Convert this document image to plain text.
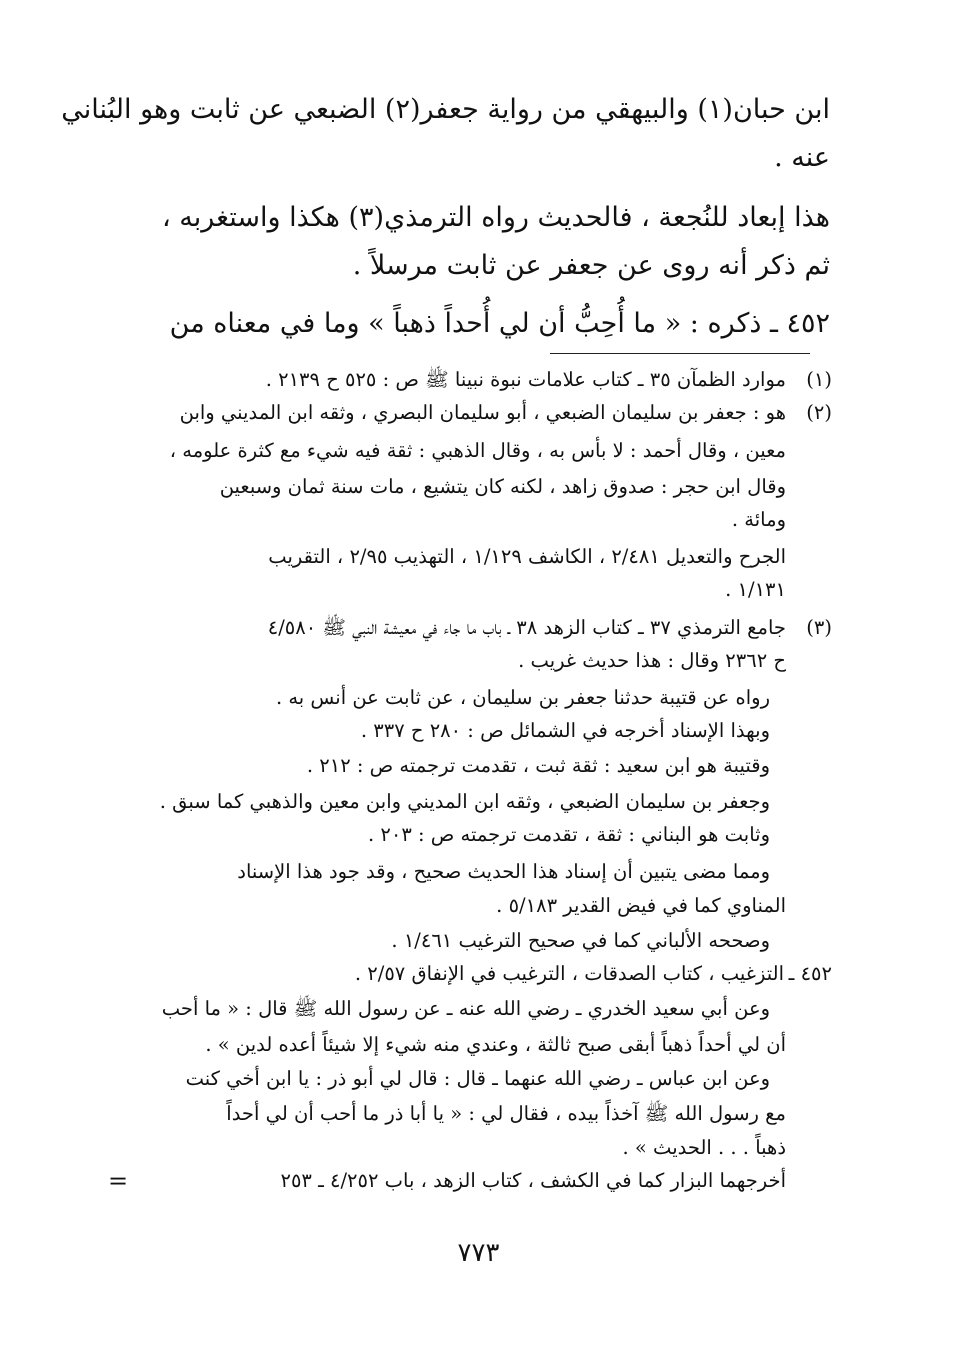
ابن حبان(١) والبيهقي من رواية جعفر(٢) الضبعي عن ثابت وهو البُناني
عنه .
هذا إبعاد للنُجعة ، فالحديث رواه الترمذي(٣) هكذا واستغربه ،
ثم ذكر أنه روى عن جعفر عن ثابت مرسلاً .
٤٥٢ ـ ذكره : « ما أُحِبُّ أن لي أُحداً ذهباً » وما في معناه من
(١)
موارد الظمآن ٣٥ ـ كتاب علامات نبوة نبينا ﷺ ص : ٥٢٥ ح ٢١٣٩ .
(٢)
هو : جعفر بن سليمان الضبعي ، أبو سليمان البصري ، وثقه ابن المديني وابن
معين ، وقال أحمد : لا بأس به ، وقال الذهبي : ثقة فيه شيء مع كثرة علومه ،
وقال ابن حجر : صدوق زاهد ، لكنه كان يتشيع ، مات سنة ثمان وسبعين
ومائة .
الجرح والتعديل ٢/٤٨١ ، الكاشف ١/١٢٩ ، التهذيب ٢/٩٥ ، التقريب
١/١٣١ .
(٣)
جامع الترمذي ٣٧ ـ كتاب الزهد ٣٨ ـ باب ما جاء في معيشة النبي ﷺ ٤/٥٨٠
ح ٢٣٦٢ وقال : هذا حديث غريب .
رواه عن قتيبة حدثنا جعفر بن سليمان ، عن ثابت عن أنس به .
وبهذا الإسناد أخرجه في الشمائل ص : ٢٨٠ ح ٣٣٧ .
وقتيبة هو ابن سعيد : ثقة ثبت ، تقدمت ترجمته ص : ٢١٢ .
وجعفر بن سليمان الضبعي ، وثقه ابن المديني وابن معين والذهبي كما سبق .
وثابت هو البناني : ثقة ، تقدمت ترجمته ص : ٢٠٣ .
ومما مضى يتبين أن إسناد هذا الحديث صحيح ، وقد جود هذا الإسناد
المناوي كما في فيض القدير ٥/١٨٣ .
وصححه الألباني كما في صحيح الترغيب ١/٤٦١ .
٤٥٢ ـ
التزغيب ، كتاب الصدقات ، الترغيب في الإنفاق ٢/٥٧ .
وعن أبي سعيد الخدري ـ رضي الله عنه ـ عن رسول الله ﷺ قال : « ما أحب
أن لي أحداً ذهباً أبقى صبح ثالثة ، وعندي منه شيء إلا شيئاً أعده لدين » .
وعن ابن عباس ـ رضي الله عنهما ـ قال : قال لي أبو ذر : يا ابن أخي كنت
مع رسول الله ﷺ آخذاً بيده ، فقال لي : « يا أبا ذر ما أحب أن لي أحداً
ذهباً . . . الحديث » .
أخرجهما البزار كما في الكشف ، كتاب الزهد ، باب ٤/٢٥٢ ـ ٢٥٣
=
٧٧٣
